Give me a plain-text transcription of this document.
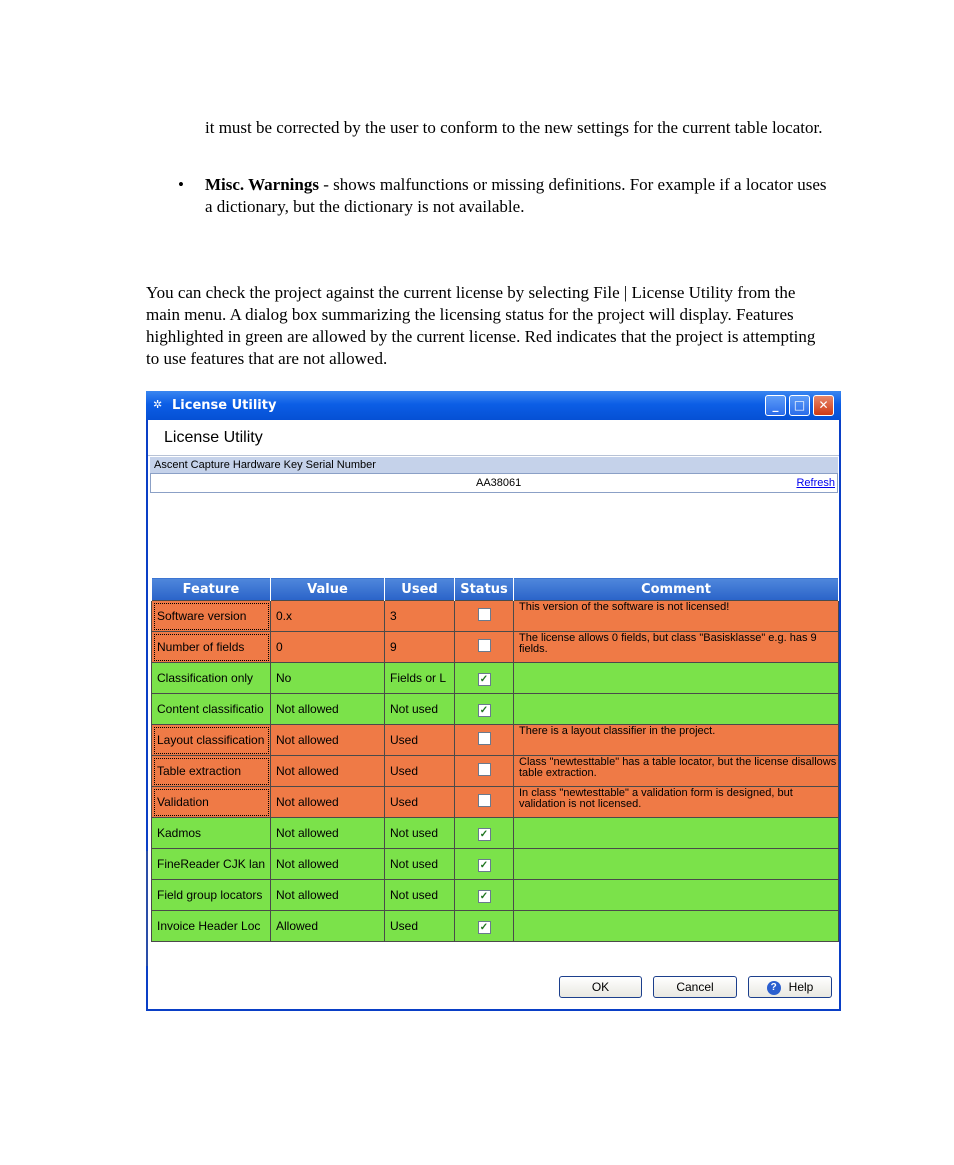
it must be corrected by the user to conform to the new settings for the current table locator.
• Misc. Warnings - shows malfunctions or missing definitions. For example if a locator uses a dictionary, but the dictionary is not available.
You can check the project against the current license by selecting File | License Utility from the main menu. A dialog box summarizing the licensing status for the project will display. Features highlighted in green are allowed by the current license. Red indicates that the project is attempting to use features that are not allowed.
✲ License Utility	_	□	✕
License Utility
Ascent Capture Hardware Key Serial Number
AA38061	Refresh
Feature	Value	Used	Status	Comment
Software version	0.x	3		This version of the software is not licensed!
Number of fields	0	9		The license allows 0 fields, but class "Basisklasse" e.g. has 9 fields.
Classification only	No	Fields or L	✓	
Content classificatio	Not allowed	Not used	✓	
Layout classification	Not allowed	Used		There is a layout classifier in the project.
Table extraction	Not allowed	Used		Class "newtesttable" has a table locator, but the license disallows table extraction.
Validation	Not allowed	Used		In class "newtesttable" a validation form is designed, but validation is not licensed.
Kadmos	Not allowed	Not used	✓	
FineReader CJK lan	Not allowed	Not used	✓	
Field group locators	Not allowed	Not used	✓	
Invoice Header Loc	Allowed	Used	✓	
OK	Cancel	? Help
